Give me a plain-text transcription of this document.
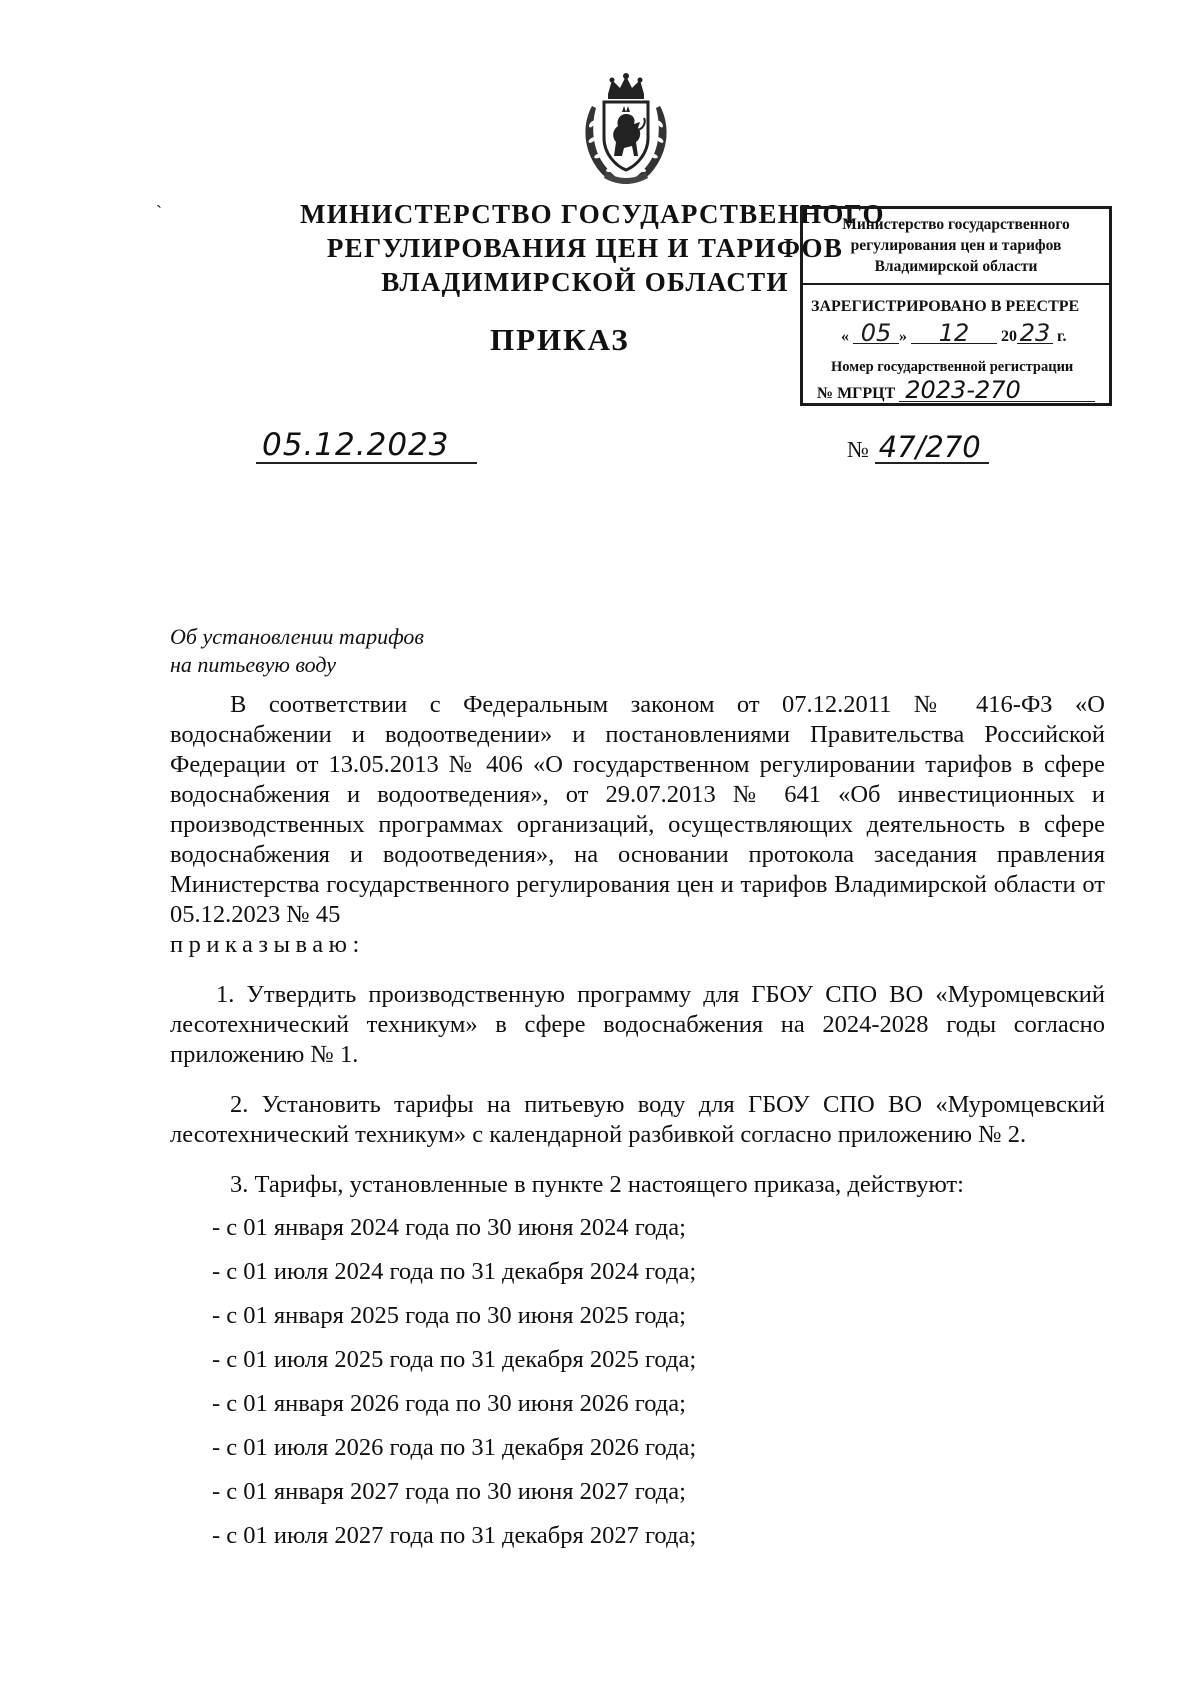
`	МИНИСТЕРСТВО ГОСУДАРСТВЕННОГО
РЕГУЛИРОВАНИЯ ЦЕН И ТАРИФОВ
ВЛАДИМИРСКОЙ ОБЛАСТИ
ПРИКАЗ
Министерство государственного
регулирования цен и тарифов
Владимирской области
ЗАРЕГИСТРИРОВАНО В РЕЕСТРЕ
« 05 » 12 20 23 г.
Номер государственной регистрации
№ МГРЦТ 2023-270
05.12.2023	№ 47/270
Об установлении тарифов
на питьевую воду

В соответствии с Федеральным законом от 07.12.2011 № 416-ФЗ «О водоснабжении и водоотведении» и постановлениями Правительства Российской Федерации от 13.05.2013 № 406 «О государственном регулировании тарифов в сфере водоснабжения и водоотведения», от 29.07.2013 № 641 «Об инвестиционных и производственных программах организаций, осуществляющих деятельность в сфере водоснабжения и водоотведения», на основании протокола заседания правления Министерства государственного регулирования цен и тарифов Владимирской области от 05.12.2023 № 45

приказываю:

1. Утвердить производственную программу для ГБОУ СПО ВО «Муромцевский лесотехнический техникум» в сфере водоснабжения на 2024-2028 годы согласно приложению № 1.

2. Установить тарифы на питьевую воду для ГБОУ СПО ВО «Муромцевский лесотехнический техникум» с календарной разбивкой согласно приложению № 2.

3. Тарифы, установленные в пункте 2 настоящего приказа, действуют:

- с 01 января 2024 года по 30 июня 2024 года;

- с 01 июля 2024 года по 31 декабря 2024 года;

- с 01 января 2025 года по 30 июня 2025 года;

- с 01 июля 2025 года по 31 декабря 2025 года;

- с 01 января 2026 года по 30 июня 2026 года;

- с 01 июля 2026 года по 31 декабря 2026 года;

- с 01 января 2027 года по 30 июня 2027 года;

- с 01 июля 2027 года по 31 декабря 2027 года;
